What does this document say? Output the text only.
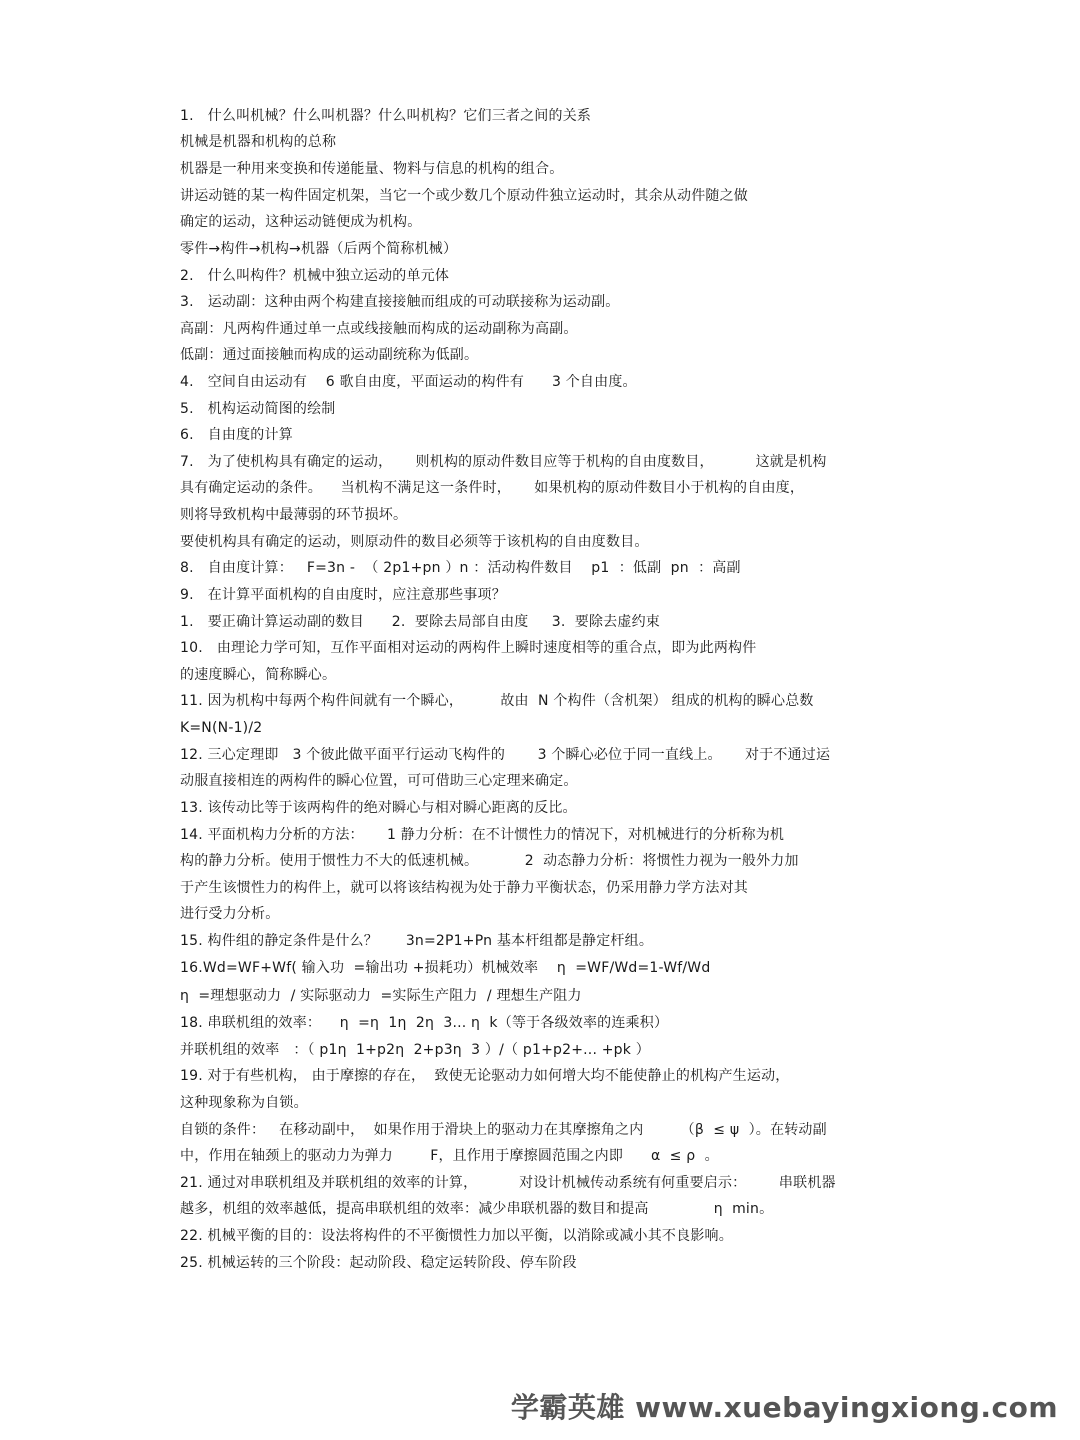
1.   什么叫机械？什么叫机器？什么叫机构？它们三者之间的关系
机械是机器和机构的总称
机器是一种用来变换和传递能量、物料与信息的机构的组合。
讲运动链的某一构件固定机架，当它一个或少数几个原动件独立运动时，其余从动件随之做
确定的运动，这种运动链便成为机构。
零件→构件→机构→机器（后两个简称机械）
2.   什么叫构件？机械中独立运动的单元体
3.   运动副：这种由两个构建直接接触而组成的可动联接称为运动副。
高副：凡两构件通过单一点或线接触而构成的运动副称为高副。
低副：通过面接触而构成的运动副统称为低副。
4.   空间自由运动有    6 歌自由度，平面运动的构件有      3 个自由度。
5.   机构运动简图的绘制
6.   自由度的计算
7.   为了使机构具有确定的运动，     则机构的原动件数目应等于机构的自由度数目，         这就是机构
具有确定运动的条件。    当机构不满足这一条件时，     如果机构的原动件数目小于机构的自由度，
则将导致机构中最薄弱的环节损坏。
要使机构具有确定的运动，则原动件的数目必须等于该机构的自由度数目。
8.   自由度计算：   F=3n -  （ 2p1+pn ）n ：活动构件数目    p1  ：低副  pn  ：高副
9.   在计算平面机构的自由度时，应注意那些事项？
1.   要正确计算运动副的数目      2.  要除去局部自由度     3.  要除去虚约束
10.   由理论力学可知，互作平面相对运动的两构件上瞬时速度相等的重合点，即为此两构件
的速度瞬心，简称瞬心。
11. 因为机构中每两个构件间就有一个瞬心，        故由  N 个构件（含机架） 组成的机构的瞬心总数
K=N(N-1)/2
12. 三心定理即   3 个彼此做平面平行运动飞构件的       3 个瞬心必位于同一直线上。     对于不通过运
动服直接相连的两构件的瞬心位置，可可借助三心定理来确定。
13. 该传动比等于该两构件的绝对瞬心与相对瞬心距离的反比。
14. 平面机构力分析的方法：     1 静力分析：在不计惯性力的情况下，对机械进行的分析称为机
构的静力分析。使用于惯性力不大的低速机械。          2  动态静力分析：将惯性力视为一般外力加
于产生该惯性力的构件上，就可以将该结构视为处于静力平衡状态，仍采用静力学方法对其
进行受力分析。
15. 构件组的静定条件是什么？      3n=2P1+Pn 基本杆组都是静定杆组。
16.Wd=WF+Wf( 输入功  =输出功 +损耗功）机械效率    η  =WF/Wd=1-Wf/Wd
η  =理想驱动力  / 实际驱动力  =实际生产阻力  / 理想生产阻力
18. 串联机组的效率：    η  =η  1η  2η  3... η  k（等于各级效率的连乘积）
并联机组的效率   ：（ p1η  1+p2η  2+p3η  3 ）/（ p1+p2+... +pk ）
19. 对于有些机构， 由于摩擦的存在，  致使无论驱动力如何增大均不能使静止的机构产生运动，
这种现象称为自锁。
自锁的条件：   在移动副中，  如果作用于滑块上的驱动力在其摩擦角之内        （β  ≤ ψ  ）。在转动副
中，作用在轴颈上的驱动力为弹力        F，且作用于摩擦圆范围之内即      α  ≤ ρ  。
21. 通过对串联机组及并联机组的效率的计算，         对设计机械传动系统有何重要启示：       串联机器
越多，机组的效率越低，提高串联机组的效率：减少串联机器的数目和提高              η  min。
22. 机械平衡的目的：设法将构件的不平衡惯性力加以平衡，以消除或减小其不良影响。
25. 机械运转的三个阶段：起动阶段、稳定运转阶段、停车阶段
学霸英雄 www.xuebayingxiong.com
